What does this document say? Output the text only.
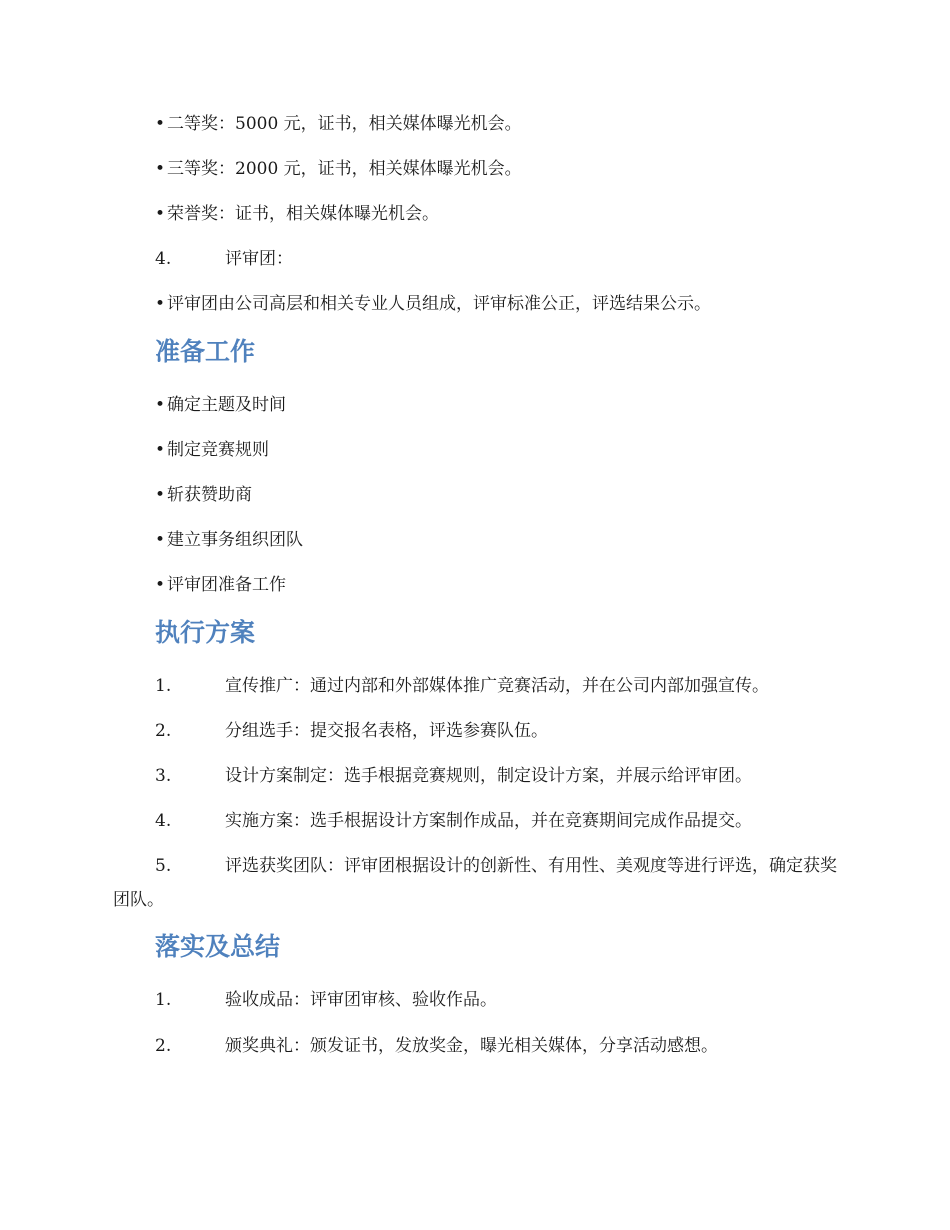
• 二等奖：5000 元，证书，相关媒体曝光机会。
• 三等奖：2000 元，证书，相关媒体曝光机会。
• 荣誉奖：证书，相关媒体曝光机会。
4.	评审团：
• 评审团由公司高层和相关专业人员组成，评审标准公正，评选结果公示。
准备工作
• 确定主题及时间
• 制定竞赛规则
• 斩获赞助商
• 建立事务组织团队
• 评审团准备工作
执行方案
1.	宣传推广：通过内部和外部媒体推广竞赛活动，并在公司内部加强宣传。
2.	分组选手：提交报名表格，评选参赛队伍。
3.	设计方案制定：选手根据竞赛规则，制定设计方案，并展示给评审团。
4.	实施方案：选手根据设计方案制作成品，并在竞赛期间完成作品提交。
5.	评选获奖团队：评审团根据设计的创新性、有用性、美观度等进行评选，确定获奖团队。
落实及总结
1.	验收成品：评审团审核、验收作品。
2.	颁奖典礼：颁发证书，发放奖金，曝光相关媒体，分享活动感想。
